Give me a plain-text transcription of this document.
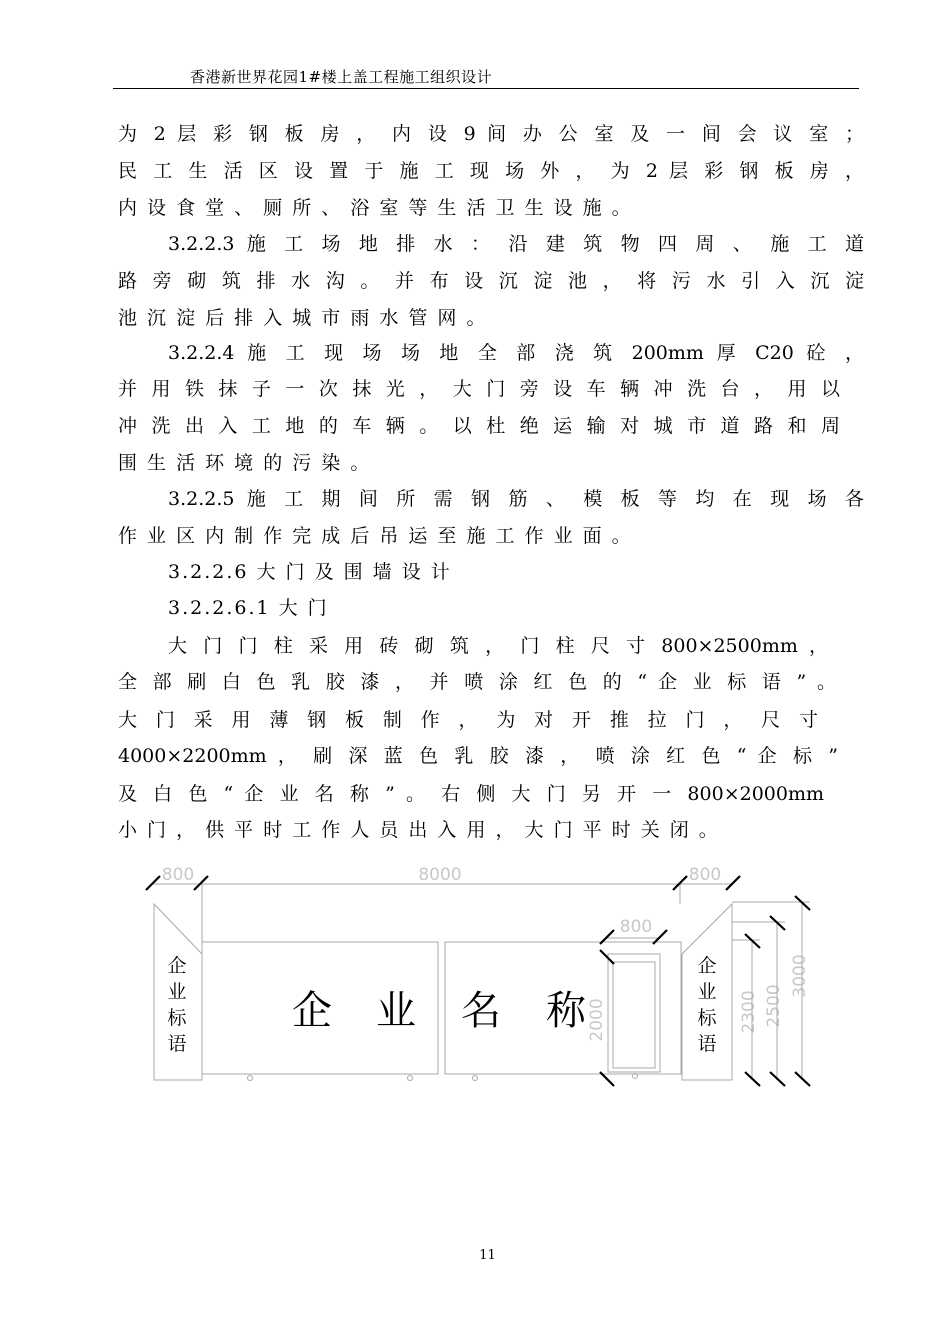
香港新世界花园1#楼上盖工程施工组织设计
为 2 层 彩 钢 板 房 ， 内 设 9 间 办 公 室 及 一 间 会 议 室 ；
民 工 生 活 区 设 置 于 施 工 现 场 外 ， 为 2 层 彩 钢 板 房 ，
内 设 食 堂 、 厕 所 、 浴 室 等 生 活 卫 生 设 施 。
3.2.2.3 施 工 场 地 排 水 ： 沿 建 筑 物 四 周 、 施 工 道
路 旁 砌 筑 排 水 沟 。 并 布 设 沉 淀 池 ， 将 污 水 引 入 沉 淀
池 沉 淀 后 排 入 城 市 雨 水 管 网 。
3.2.2.4 施 工 现 场 场 地 全 部 浇 筑 200mm 厚 C20 砼 ，
并 用 铁 抹 子 一 次 抹 光 ， 大 门 旁 设 车 辆 冲 洗 台 ， 用 以
冲 洗 出 入 工 地 的 车 辆 。 以 杜 绝 运 输 对 城 市 道 路 和 周
围 生 活 环 境 的 污 染 。
3.2.2.5 施 工 期 间 所 需 钢 筋 、 模 板 等 均 在 现 场 各
作 业 区 内 制 作 完 成 后 吊 运 至 施 工 作 业 面 。
3.2.2.6 大 门 及 围 墙 设 计
3.2.2.6.1 大 门
大 门 门 柱 采 用 砖 砌 筑 ， 门 柱 尺 寸 800×2500mm ，
全 部 刷 白 色 乳 胶 漆 ， 并 喷 涂 红 色 的 “ 企 业 标 语 ” 。
大 门 采 用 薄 钢 板 制 作 ， 为 对 开 推 拉 门 ， 尺 寸
4000×2200mm ， 刷 深 蓝 色 乳 胶 漆 ， 喷 涂 红 色 “ 企 标 ”
及 白 色 “ 企 业 名 称 ” 。 右 侧 大 门 另 开 一 800×2000mm
小 门 ， 供 平 时 工 作 人 员 出 入 用 ， 大 门 平 时 关 闭 。
800	8000	800
800
2000	2300 2500
3000
企
业
标
语
企
业
标
语
企 业 名 称
11
